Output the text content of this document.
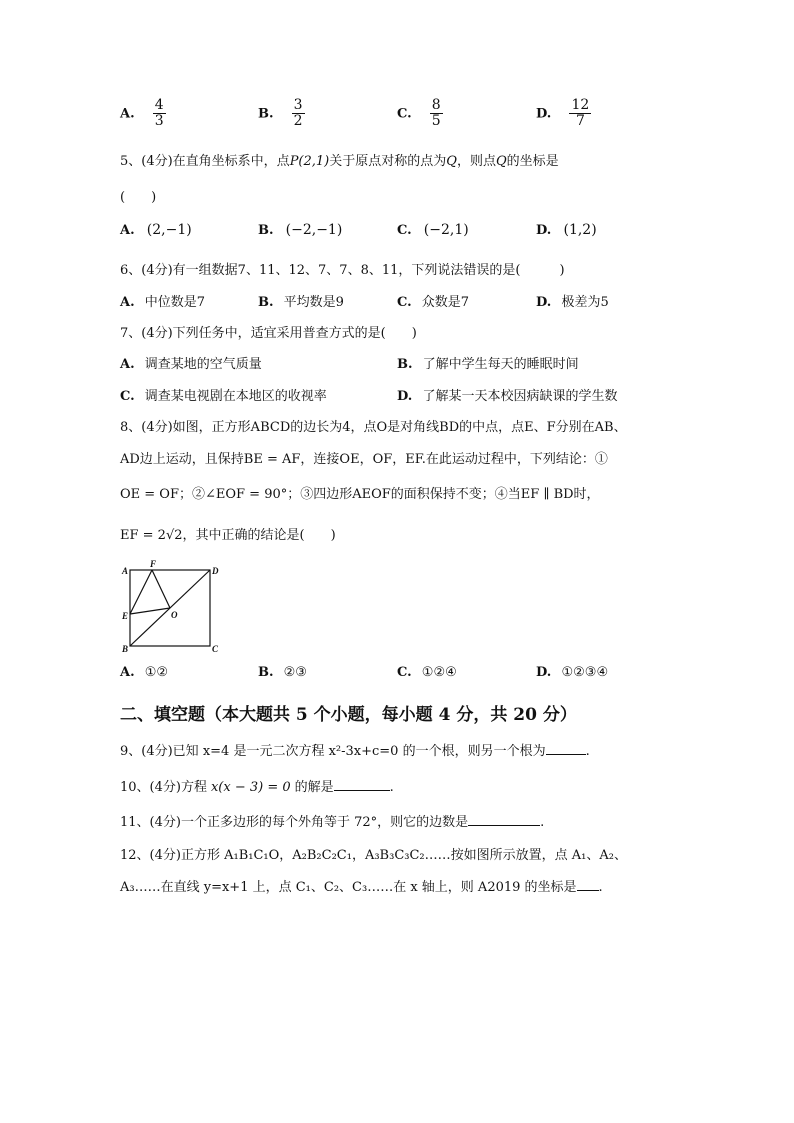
A. $\frac{4}{3}$	B. $\frac{3}{2}$	C. $\frac{8}{5}$	D. $\frac{12}{7}$
5、(4分)在直角坐标系中，点P(2,1)关于原点对称的点为Q，则点Q的坐标是
(　　)
A. (2,−1)	B. (−2,−1)	C. (−2,1)	D. (1,2)
6、(4分)有一组数据7、11、12、7、7、8、11，下列说法错误的是(　　　)
A. 中位数是7	B. 平均数是9	C. 众数是7	D. 极差为5
7、(4分)下列任务中，适宜采用普查方式的是(　　)
A. 调查某地的空气质量	B. 了解中学生每天的睡眠时间
C. 调查某电视剧在本地区的收视率	D. 了解某一天本校因病缺课的学生数
8、(4分)如图，正方形ABCD的边长为4，点O是对角线BD的中点，点E、F分别在AB、
AD边上运动，且保持BE = AF，连接OE，OF，EF.在此运动过程中，下列结论：①
OE = OF；②∠EOF = 90°；③四边形AEOF的面积保持不变；④当EF ∥ BD时，
EF = 2√2，其中正确的结论是(　　)
A
B	C
D
E
F
O
A. ①②	B. ②③	C. ①②④	D. ①②③④
二、填空题（本大题共 5 个小题，每小题 4 分，共 20 分）
9、(4分)已知 x=4 是一元二次方程 x²-3x+c=0 的一个根，则另一个根为	.
10、(4分)方程 x(x − 3) = 0 的解是	.
11、(4分)一个正多边形的每个外角等于 72°，则它的边数是	.
12、(4分)正方形 A₁B₁C₁O，A₂B₂C₂C₁，A₃B₃C₃C₂……按如图所示放置，点 A₁、A₂、
A₃……在直线 y=x+1 上，点 C₁、C₂、C₃……在 x 轴上，则 A2019 的坐标是 .
